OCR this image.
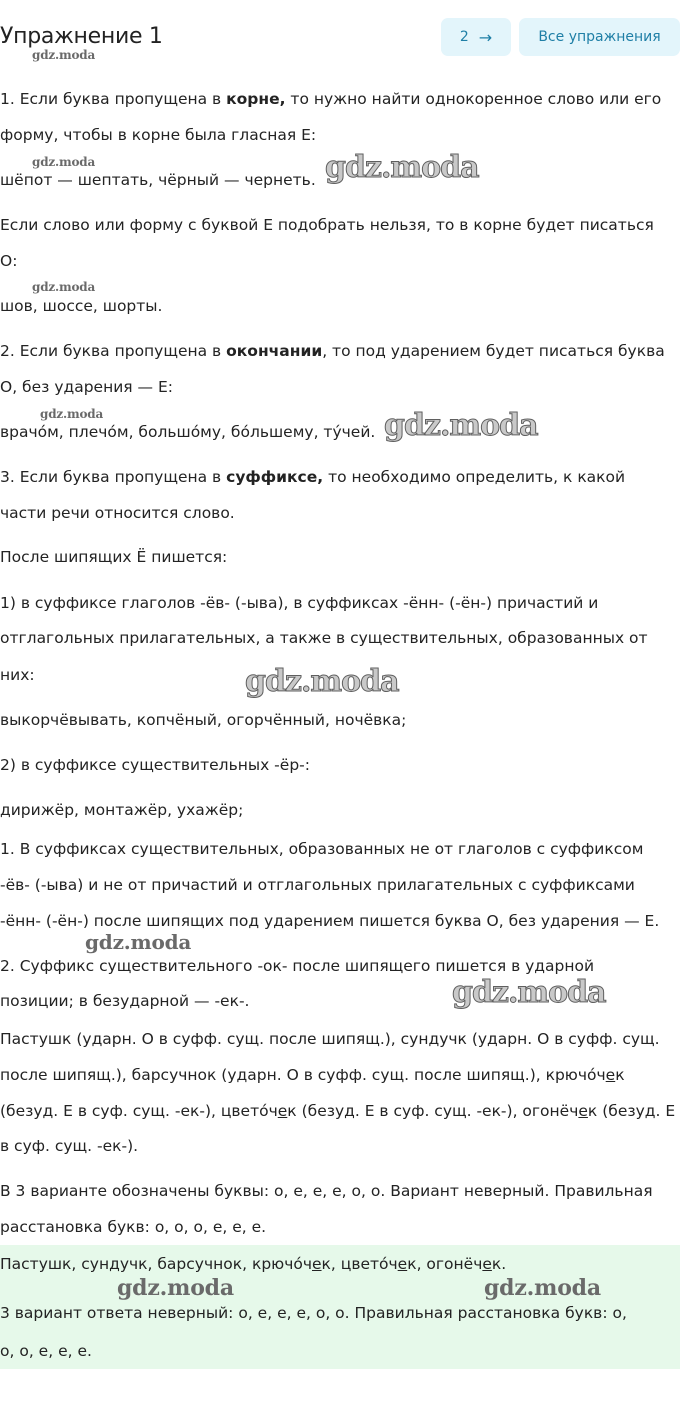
Упражнение 1	2 →	Все упражнения
1. Если буква пропущена в корне, то нужно найти однокоренное слово или его
форму, чтобы в корне была гласная Е:
шёпот — шептать, чёрный — чернеть.
Если слово или форму с буквой Е подобрать нельзя, то в корне будет писаться
О:
шов, шоссе, шорты.
2. Если буква пропущена в окончании, то под ударением будет писаться буква
О, без ударения — Е:
врачо́м, плечо́м, большо́му, бо́льшему, ту́чей.
3. Если буква пропущена в суффиксе, то необходимо определить, к какой
части речи относится слово.
После шипящих Ё пишется:
1) в суффиксе глаголов -ёв- (-ыва), в суффиксах -ённ- (-ён-) причастий и
отглагольных прилагательных, а также в существительных, образованных от
них:
выкорчёвывать, копчёный, огорчённый, ночёвка;
2) в суффиксе существительных -ёр-:
дирижёр, монтажёр, ухажёр;
1. В суффиксах существительных, образованных не от глаголов с суффиксом
-ёв- (-ыва) и не от причастий и отглагольных прилагательных с суффиксами
-ённ- (-ён-) после шипящих под ударением пишется буква О, без ударения — Е.
2. Суффикс существительного -ок- после шипящего пишется в ударной
позиции; в безударной — -ек-.
Пастушк (ударн. О в суфф. сущ. после шипящ.), сундучк (ударн. О в суфф. сущ.
после шипящ.), барсучнок (ударн. О в суфф. сущ. после шипящ.), крючо́чек
(безуд. Е в суф. сущ. -ек-), цвето́чек (безуд. Е в суф. сущ. -ек-), огонёчек (безуд. Е
в суф. сущ. -ек-).
В 3 варианте обозначены буквы: о, е, е, е, о, о. Вариант неверный. Правильная
расстановка букв: о, о, о, е, е, е.
Пастушк, сундучк, барсучнок, крючо́чек, цвето́чек, огонёчек.
3 вариант ответа неверный: о, е, е, е, о, о. Правильная расстановка букв: о,
о, о, е, е, е.
gdz.moda
gdz.moda	gdz.moda
gdz.moda
gdz.moda	gdz.moda
gdz.moda
gdz.moda
gdz.moda
gdz.moda	gdz.moda
